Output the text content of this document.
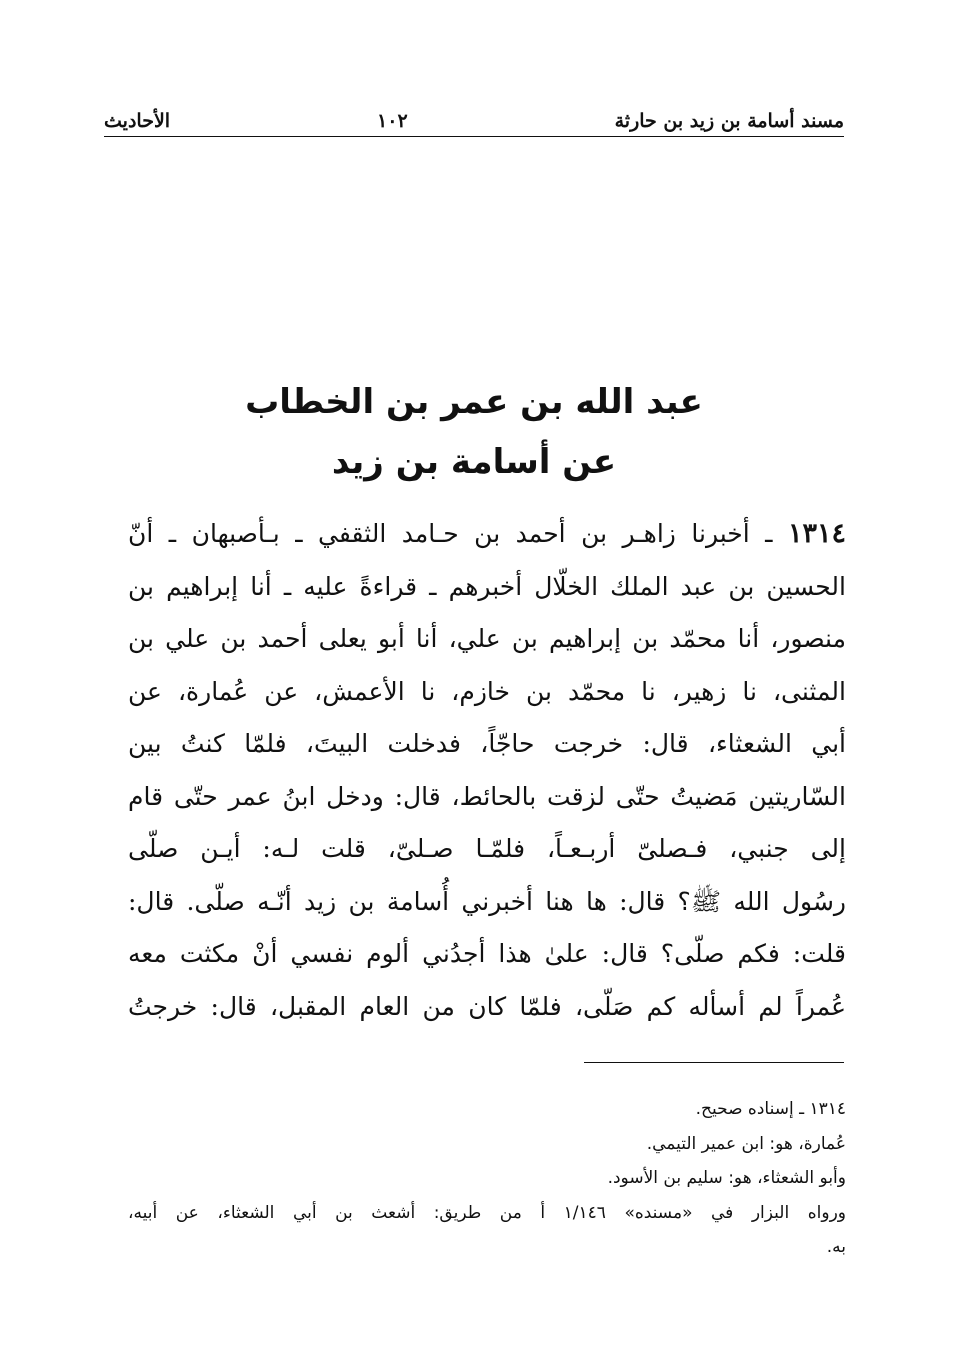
مسند أسامة بن زيد بن حارثة
١٠٢
الأحاديث
عبد الله بن عمر بن الخطاب
عن أسامة بن زيد
١٣١٤ ـ أخبرنا زاهـر بن أحمد بن حـامد الثقفي ـ بـأصبهان ـ أنّ
الحسين بن عبد الملك الخلّال أخبرهم ـ قراءةً عليه ـ أنا إبراهيم بن
منصور، أنا محمّد بن إبراهيم بن علي، أنا أبو يعلى أحمد بن علي بن
المثنى، نا زهير، نا محمّد بن خازم، نا الأعمش، عن عُمارة، عن
أبي الشعثاء، قال: خرجت حاجّاً، فدخلت البيتَ، فلمّا كنتُ بين
السّاريتين مَضيتُ حتّى لزقت بالحائط، قال: ودخل ابنُ عمر حتّى قام
إلى جنبي، فـصلىّ أربـعـاً، فلمّـا صـلىّ، قلت لـه: أيـن صلّى
رسُول الله ﷺ؟ قال: ها هنا أخبرني أُسامة بن زيد أنّـه صلّى. قال:
قلت: فكم صلّى؟ قال: علىٰ هذا أجدُني ألوم نفسي أنْ مكثت معه
عُمراً لم أسأله كم صَلّى، فلمّا كان من العام المقبل، قال: خرجتُ
١٣١٤ ـ إسناده صحيح.
عُمارة، هو: ابن عمير التيمي.
وأبو الشعثاء، هو: سليم بن الأسود.
ورواه البزار في «مسنده» ١/١٤٦ أ من طريق: أشعث بن أبي الشعثاء، عن أبيه،
به.
